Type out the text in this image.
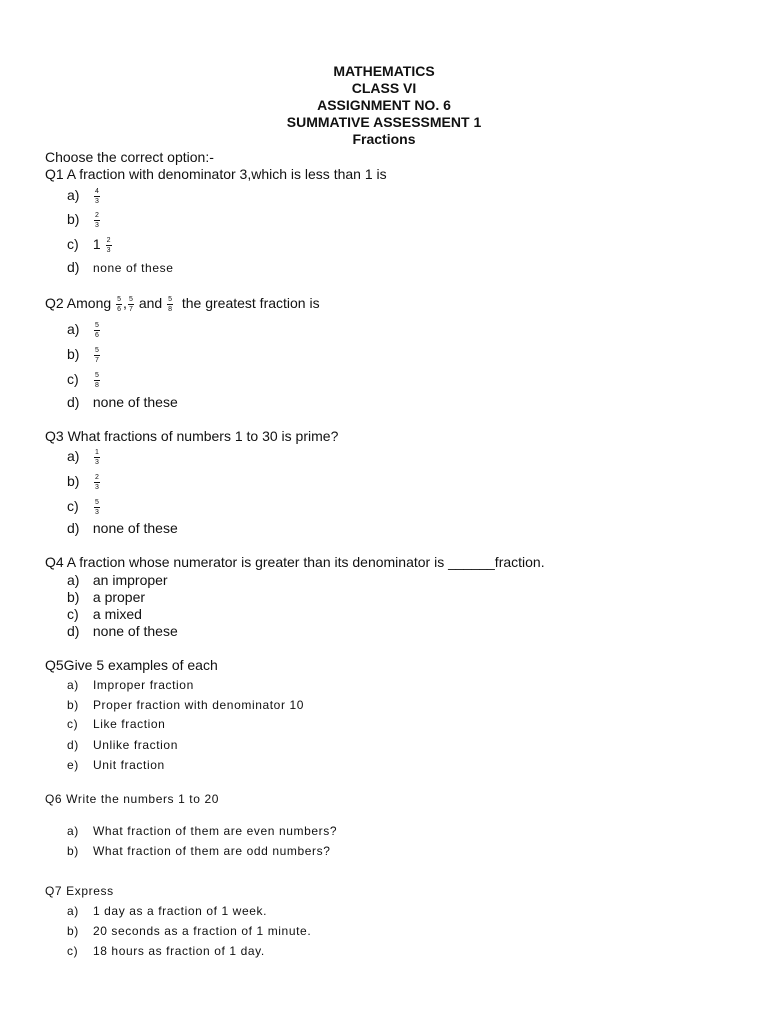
MATHEMATICS
CLASS VI
ASSIGNMENT NO. 6
SUMMATIVE ASSESSMENT 1
Fractions
Choose the correct option:-
Q1 A fraction with denominator 3,which is less than 1 is
$a) \frac{4}{3}$
$b) \frac{2}{3}$
c) $1 \frac{2}{3}$
d) none of these
Q2 Among $\frac{5}{6}$ , $\frac{5}{7}$ and $\frac{5}{8}$ the greatest fraction is
$a) \frac{5}{6}$
$b) \frac{5}{7}$
$c) \frac{5}{8}$
d) none of these
Q3 What fractions of numbers 1 to 30 is prime?
$a) \frac{1}{3}$
$b) \frac{2}{3}$
$c) \frac{5}{3}$
d) none of these
Q4 A fraction whose numerator is greater than its denominator is ______fraction.
a) an improper
b) a proper
c) a mixed
d) none of these
Q5Give 5 examples of each
a) Improper fraction
b) Proper fraction with denominator 10
c) Like fraction
d) Unlike fraction
e) Unit fraction
Q6 Write the numbers 1 to 20
a) What fraction of them are even numbers?
b) What fraction of them are odd numbers?
Q7 Express
a) 1 day as a fraction of 1 week.
b) 20 seconds as a fraction of 1 minute.
c) 18 hours as fraction of 1 day.
